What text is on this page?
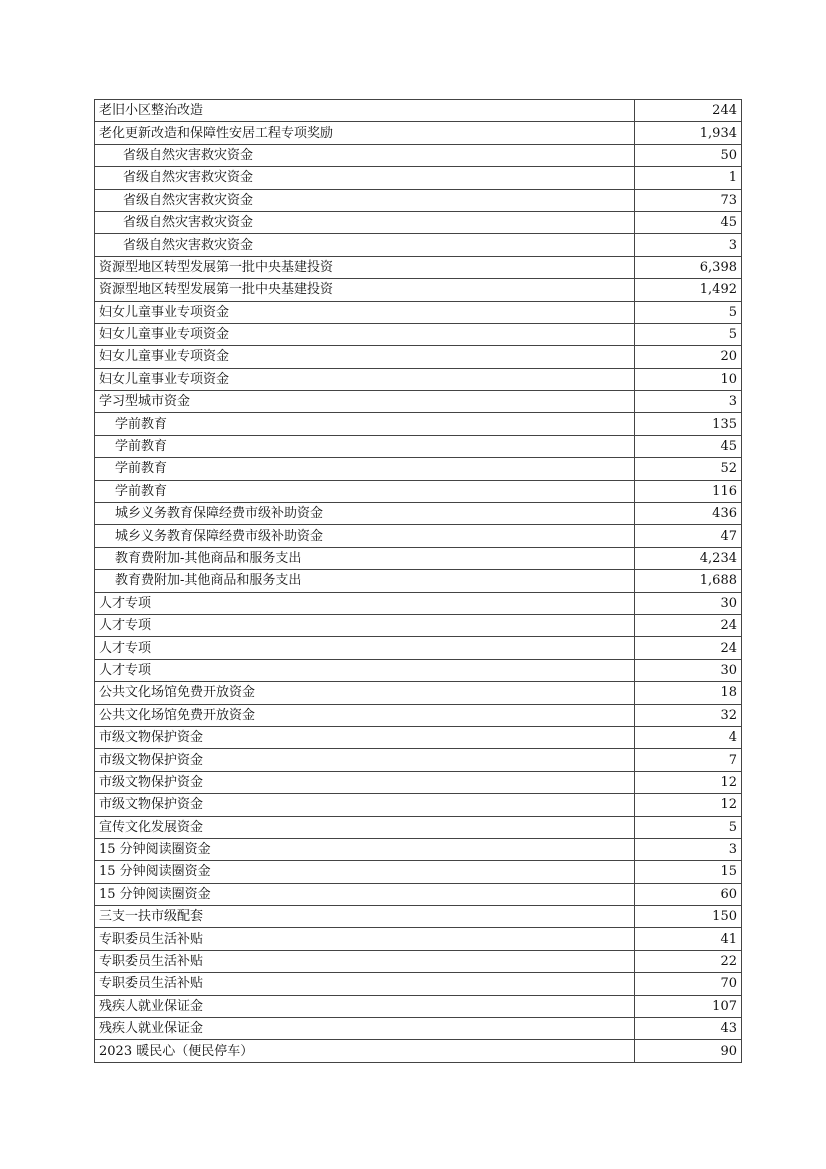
老旧小区整治改造	244
老化更新改造和保障性安居工程专项奖励	1,934
省级自然灾害救灾资金	50
省级自然灾害救灾资金	1
省级自然灾害救灾资金	73
省级自然灾害救灾资金	45
省级自然灾害救灾资金	3
资源型地区转型发展第一批中央基建投资	6,398
资源型地区转型发展第一批中央基建投资	1,492
妇女儿童事业专项资金	5
妇女儿童事业专项资金	5
妇女儿童事业专项资金	20
妇女儿童事业专项资金	10
学习型城市资金	3
学前教育	135
学前教育	45
学前教育	52
学前教育	116
城乡义务教育保障经费市级补助资金	436
城乡义务教育保障经费市级补助资金	47
教育费附加-其他商品和服务支出	4,234
教育费附加-其他商品和服务支出	1,688
人才专项	30
人才专项	24
人才专项	24
人才专项	30
公共文化场馆免费开放资金	18
公共文化场馆免费开放资金	32
市级文物保护资金	4
市级文物保护资金	7
市级文物保护资金	12
市级文物保护资金	12
宣传文化发展资金	5
15 分钟阅读圈资金	3
15 分钟阅读圈资金	15
15 分钟阅读圈资金	60
三支一扶市级配套	150
专职委员生活补贴	41
专职委员生活补贴	22
专职委员生活补贴	70
残疾人就业保证金	107
残疾人就业保证金	43
2023 暖民心（便民停车）	90
